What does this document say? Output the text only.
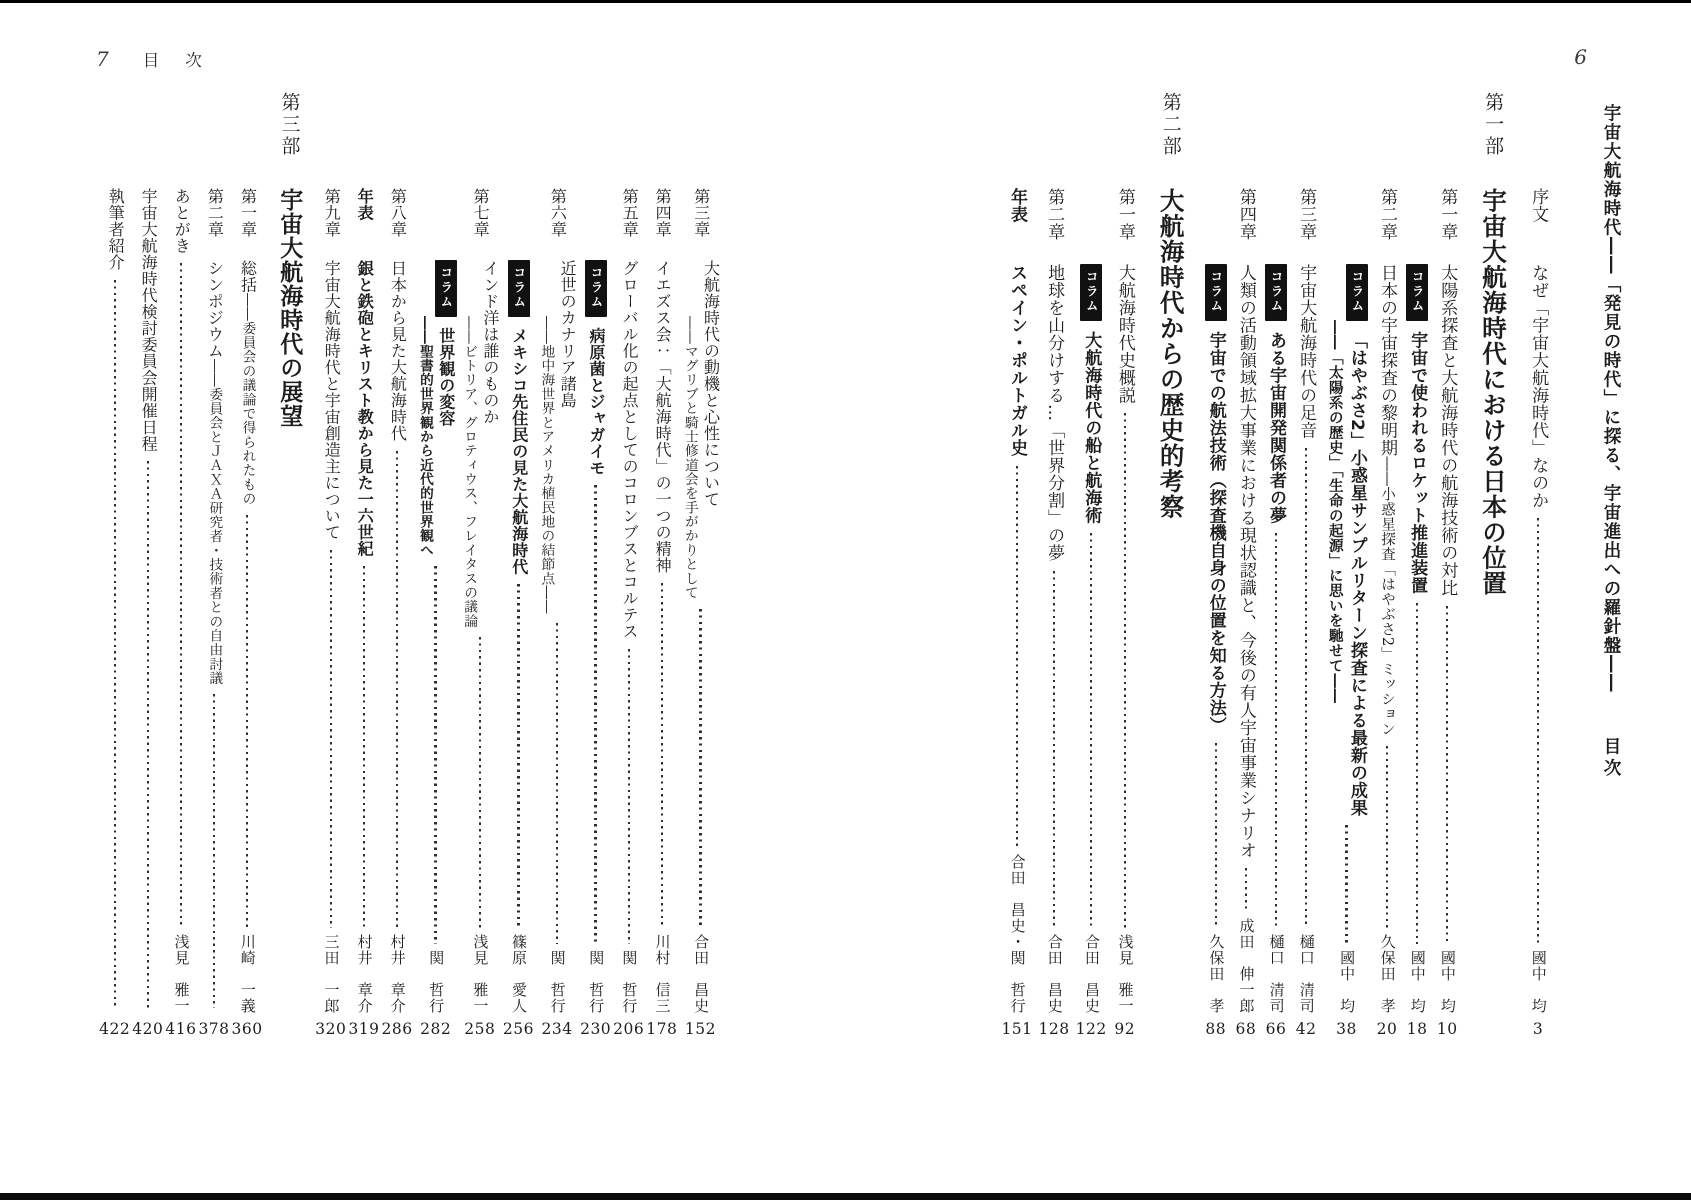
7 目次
第三章
大航海時代の動機と心性について
――マグリブと騎士修道会を手がかりとして
合田　昌史
152
第四章
イエズス会：「大航海時代」の一つの精神
川村　信三
178
第五章
グローバル化の起点としてのコロンブスとコルテス
関　哲行
206
コラム病原菌とジャガイモ
関　哲行
230
第六章
近世のカナリア諸島
――地中海世界とアメリカ植民地の結節点――
関　哲行
234
コラムメキシコ先住民の見た大航海時代
篠原　愛人
256
第七章
インド洋は誰のものか
――ビトリア、グロティウス、フレイタスの議論
浅見　雅一
258
コラム世界観の変容
――聖書的世界観から近代的世界観へ
関　哲行
282
第八章
日本から見た大航海時代
村井　章介
286
年表
銀と鉄砲とキリスト教から見た一六世紀
村井　章介
319
第九章
宇宙大航海時代と宇宙創造主について
三田　一郎
320
第三部
宇宙大航海時代の展望
第一章
総括――委員会の議論で得られたもの
川崎　一義
360
第二章
シンポジウム――委員会とＪＡＸＡ研究者・技術者との自由討議
378
あとがき
浅見　雅一
416
宇宙大航海時代検討委員会開催日程
420
執筆者紹介
422
6
宇宙大航海時代――「発見の時代」に探る、宇宙進出への羅針盤――
目次
序文
なぜ「宇宙大航海時代」なのか
國中　均
3
第一部
宇宙大航海時代における日本の位置
第一章
太陽系探査と大航海時代の航海技術の対比
國中　均
10
コラム宇宙で使われるロケット推進装置
國中　均
18
第二章
日本の宇宙探査の黎明期――小惑星探査「はやぶさ2」ミッション
久保田　孝
20
コラム「はやぶさ2」小惑星サンプルリターン探査による最新の成果
――「太陽系の歴史」「生命の起源」に思いを馳せて――
國中　均
38
第三章
宇宙大航海時代の足音
樋口　清司
42
コラムある宇宙開発関係者の夢
樋口　清司
66
第四章
人類の活動領域拡大事業における現状認識と、今後の有人宇宙事業シナリオ
成田　伸一郎
68
コラム宇宙での航法技術（探査機自身の位置を知る方法）
久保田　孝
88
第二部
大航海時代からの歴史的考察
第一章
大航海時代史概説
浅見　雅一
92
コラム大航海時代の船と航海術
合田　昌史
122
第二章
地球を山分けする…「世界分割」の夢
合田　昌史
128
年表
スペイン・ポルトガル史
合田　昌史・関　哲行
151
